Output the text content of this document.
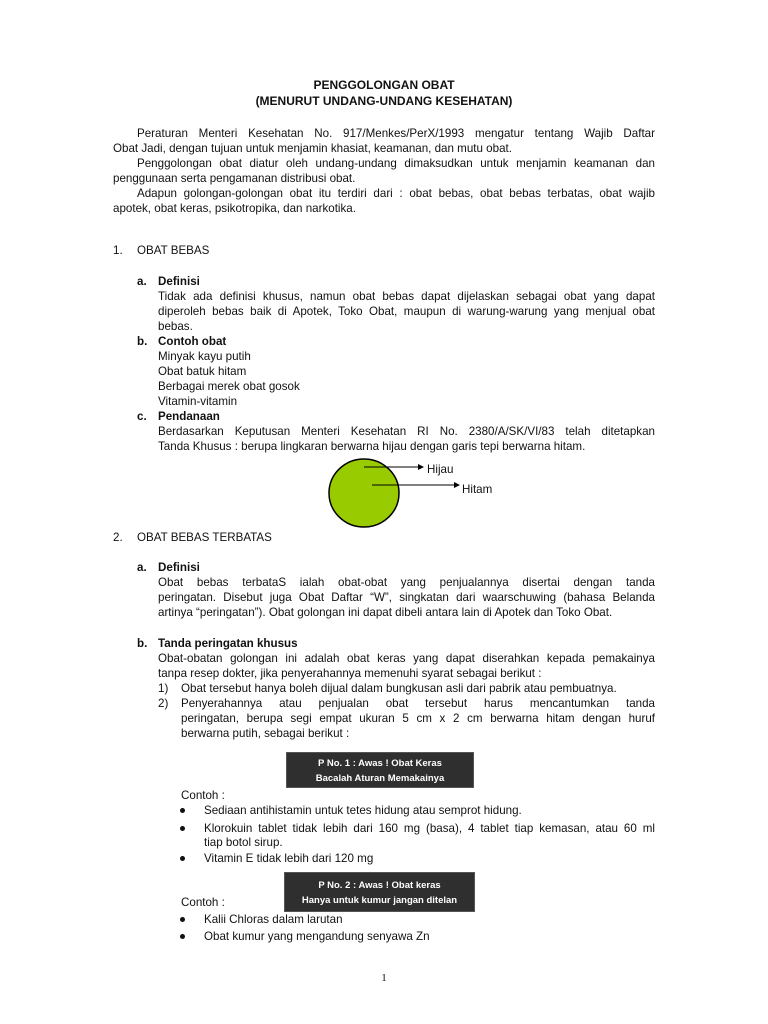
PENGGOLONGAN OBAT
(MENURUT UNDANG-UNDANG KESEHATAN)
Peraturan Menteri Kesehatan No. 917/Menkes/PerX/1993 mengatur tentang Wajib Daftar
Obat Jadi, dengan tujuan untuk menjamin khasiat, keamanan, dan mutu obat.
Penggolongan obat diatur oleh undang-undang dimaksudkan untuk menjamin keamanan dan
penggunaan serta pengamanan distribusi obat.
Adapun golongan-golongan obat itu terdiri dari : obat bebas, obat bebas terbatas, obat wajib
apotek, obat keras, psikotropika, dan narkotika.
1. OBAT BEBAS
a. Definisi
Tidak ada definisi khusus, namun obat bebas dapat dijelaskan sebagai obat yang dapat
diperoleh bebas baik di Apotek, Toko Obat, maupun di warung-warung yang menjual obat
bebas.
b. Contoh obat
Minyak kayu putih
Obat batuk hitam
Berbagai merek obat gosok
Vitamin-vitamin
c. Pendanaan
Berdasarkan Keputusan Menteri Kesehatan RI No. 2380/A/SK/VI/83 telah ditetapkan
Tanda Khusus : berupa lingkaran berwarna hijau dengan garis tepi berwarna hitam.
Hijau
Hitam
2. OBAT BEBAS TERBATAS
a. Definisi
Obat bebas terbataS ialah obat-obat yang penjualannya disertai dengan tanda
peringatan. Disebut juga Obat Daftar “W”, singkatan dari waarschuwing (bahasa Belanda
artinya “peringatan”). Obat golongan ini dapat dibeli antara lain di Apotek dan Toko Obat.
b. Tanda peringatan khusus
Obat-obatan golongan ini adalah obat keras yang dapat diserahkan kepada pemakainya
tanpa resep dokter, jika penyerahannya memenuhi syarat sebagai berikut :
1) Obat tersebut hanya boleh dijual dalam bungkusan asli dari pabrik atau pembuatnya.
2) Penyerahannya atau penjualan obat tersebut harus mencantumkan tanda
peringatan, berupa segi empat ukuran 5 cm x 2 cm berwarna hitam dengan huruf
berwarna putih, sebagai berikut :
P No. 1 : Awas ! Obat Keras
Bacalah Aturan Memakainya
Contoh :
Sediaan antihistamin untuk tetes hidung atau semprot hidung.
Klorokuin tablet tidak lebih dari 160 mg (basa), 4 tablet tiap kemasan, atau 60 ml
tiap botol sirup.
Vitamin E tidak lebih dari 120 mg
P No. 2 : Awas ! Obat keras
Hanya untuk kumur jangan ditelan
Contoh :
Kalii Chloras dalam larutan
Obat kumur yang mengandung senyawa Zn
1
